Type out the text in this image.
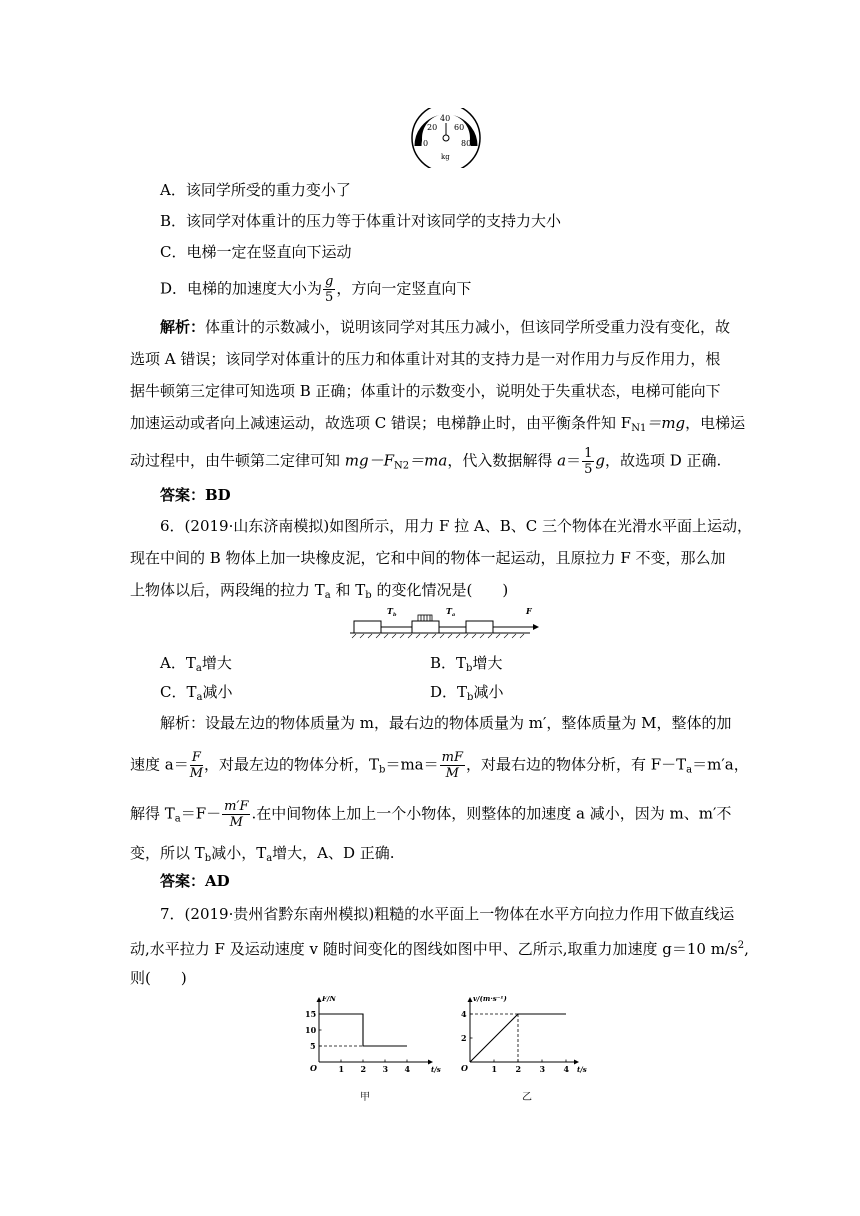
0
20
40
60
80
kg
A．该同学所受的重力变小了
B．该同学对体重计的压力等于体重计对该同学的支持力大小
C．电梯一定在竖直向下运动
D．电梯的加速度大小为 $\frac{g}{5}$ ，方向一定竖直向下
解析：体重计的示数减小，说明该同学对其压力减小，但该同学所受重力没有变化，故
选项 A 错误；该同学对体重计的压力和体重计对其的支持力是一对作用力与反作用力，根
据牛顿第三定律可知选项 B 正确；体重计的示数变小，说明处于失重状态，电梯可能向下
加速运动或者向上减速运动，故选项 C 错误；电梯静止时，由平衡条件知 $F_{N1}=mg$，电梯运
动过程中，由牛顿第二定律可知 $mg-F_{N2}=ma$，代入数据解得 $a= \frac{1}{5}$ g，故选项 D 正确.
答案：BD
6．(2019·山东济南模拟)如图所示，用力 F 拉 A、B、C 三个物体在光滑水平面上运动，
现在中间的 B 物体上加一块橡皮泥，它和中间的物体一起运动，且原拉力 F 不变，那么加
上物体以后，两段绳的拉力 $T_a$ 和 $T_b$ 的变化情况是(　　)
$T_b$	$T_a$	F
A．$T_a$增大	B．$T_b$增大
C．$T_a$减小	D．$T_b$减小
解析：设最左边的物体质量为 m，最右边的物体质量为 m′，整体质量为 M，整体的加
速度 $a= \frac{F}{M}$ ，对最左边的物体分析，$T_b=ma= \frac{mF}{M}$ ，对最右边的物体分析，有 $F-T_a=m'a$，
解得 $T_a=F- \frac{m'F}{M}$ .在中间物体上加上一个小物体，则整体的加速度 a 减小，因为 m、m′不
变，所以 $T_b$减小，$T_a$增大，A、D 正确.
答案：AD
7．(2019·贵州省黔东南州模拟)粗糙的水平面上一物体在水平方向拉力作用下做直线运
动,水平拉力 F 及运动速度 v 随时间变化的图线如图中甲、乙所示,取重力加速度 g＝10 $m/s^2$,
则(　　)
O	t/s
F/N
1 2 3 4
5
10
15
甲
O	t/s
v/(m·s⁻¹)
1 2 3 4
2
4
乙
